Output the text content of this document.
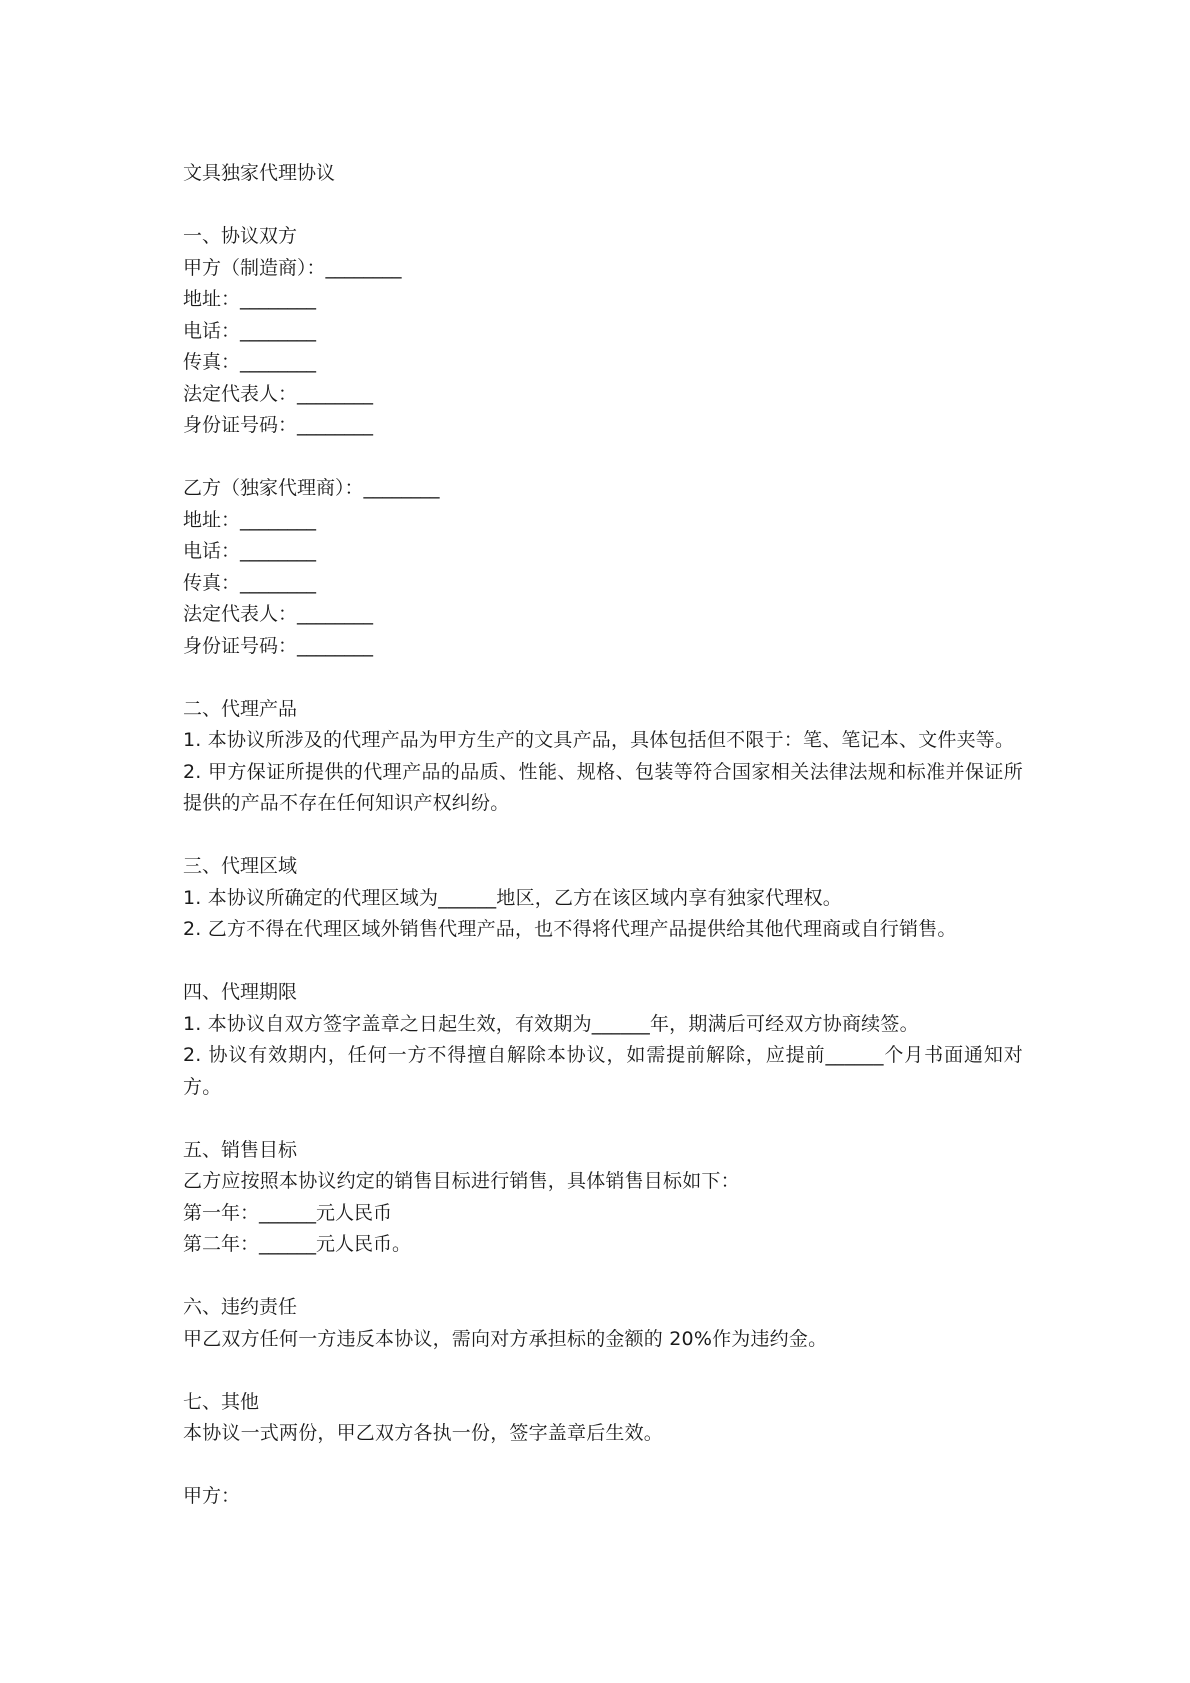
文具独家代理协议
一、协议双方
甲方（制造商）：________
地址：________
电话：________
传真：________
法定代表人：________
身份证号码：________
乙方（独家代理商）：________
地址：________
电话：________
传真：________
法定代表人：________
身份证号码：________
二、代理产品
1. 本协议所涉及的代理产品为甲方生产的文具产品，具体包括但不限于：笔、笔记本、文件夹等。
2. 甲方保证所提供的代理产品的品质、性能、规格、包装等符合国家相关法律法规和标准并保证所提供的产品不存在任何知识产权纠纷。
三、代理区域
1. 本协议所确定的代理区域为______地区，乙方在该区域内享有独家代理权。
2. 乙方不得在代理区域外销售代理产品，也不得将代理产品提供给其他代理商或自行销售。
四、代理期限
1. 本协议自双方签字盖章之日起生效，有效期为______年，期满后可经双方协商续签。
2. 协议有效期内，任何一方不得擅自解除本协议，如需提前解除，应提前______个月书面通知对方。
五、销售目标
乙方应按照本协议约定的销售目标进行销售，具体销售目标如下：
第一年：______元人民币
第二年：______元人民币。
六、违约责任
甲乙双方任何一方违反本协议，需向对方承担标的金额的 20%作为违约金。
七、其他
本协议一式两份，甲乙双方各执一份，签字盖章后生效。
甲方：
